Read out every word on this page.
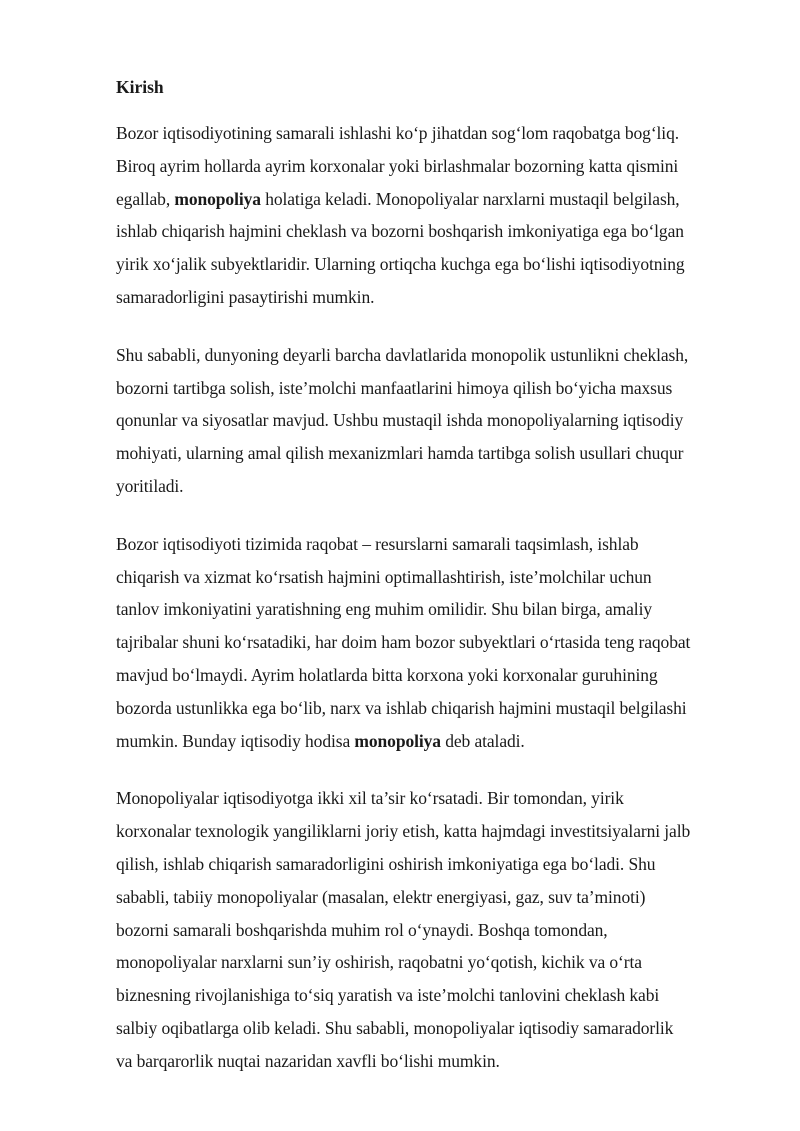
Kirish
Bozor iqtisodiyotining samarali ishlashi ko‘p jihatdan sog‘lom raqobatga bog‘liq.
Biroq ayrim hollarda ayrim korxonalar yoki birlashmalar bozorning katta qismini
egallab, monopoliya holatiga keladi. Monopoliyalar narxlarni mustaqil belgilash,
ishlab chiqarish hajmini cheklash va bozorni boshqarish imkoniyatiga ega bo‘lgan
yirik xo‘jalik subyektlaridir. Ularning ortiqcha kuchga ega bo‘lishi iqtisodiyotning
samaradorligini pasaytirishi mumkin.
Shu sababli, dunyoning deyarli barcha davlatlarida monopolik ustunlikni cheklash,
bozorni tartibga solish, iste’molchi manfaatlarini himoya qilish bo‘yicha maxsus
qonunlar va siyosatlar mavjud. Ushbu mustaqil ishda monopoliyalarning iqtisodiy
mohiyati, ularning amal qilish mexanizmlari hamda tartibga solish usullari chuqur
yoritiladi.
Bozor iqtisodiyoti tizimida raqobat – resurslarni samarali taqsimlash, ishlab
chiqarish va xizmat ko‘rsatish hajmini optimallashtirish, iste’molchilar uchun
tanlov imkoniyatini yaratishning eng muhim omilidir. Shu bilan birga, amaliy
tajribalar shuni ko‘rsatadiki, har doim ham bozor subyektlari o‘rtasida teng raqobat
mavjud bo‘lmaydi. Ayrim holatlarda bitta korxona yoki korxonalar guruhining
bozorda ustunlikka ega bo‘lib, narx va ishlab chiqarish hajmini mustaqil belgilashi
mumkin. Bunday iqtisodiy hodisa monopoliya deb ataladi.
Monopoliyalar iqtisodiyotga ikki xil ta’sir ko‘rsatadi. Bir tomondan, yirik
korxonalar texnologik yangiliklarni joriy etish, katta hajmdagi investitsiyalarni jalb
qilish, ishlab chiqarish samaradorligini oshirish imkoniyatiga ega bo‘ladi. Shu
sababli, tabiiy monopoliyalar (masalan, elektr energiyasi, gaz, suv ta’minoti)
bozorni samarali boshqarishda muhim rol o‘ynaydi. Boshqa tomondan,
monopoliyalar narxlarni sun’iy oshirish, raqobatni yo‘qotish, kichik va o‘rta
biznesning rivojlanishiga to‘siq yaratish va iste’molchi tanlovini cheklash kabi
salbiy oqibatlarga olib keladi. Shu sababli, monopoliyalar iqtisodiy samaradorlik
va barqarorlik nuqtai nazaridan xavfli bo‘lishi mumkin.
